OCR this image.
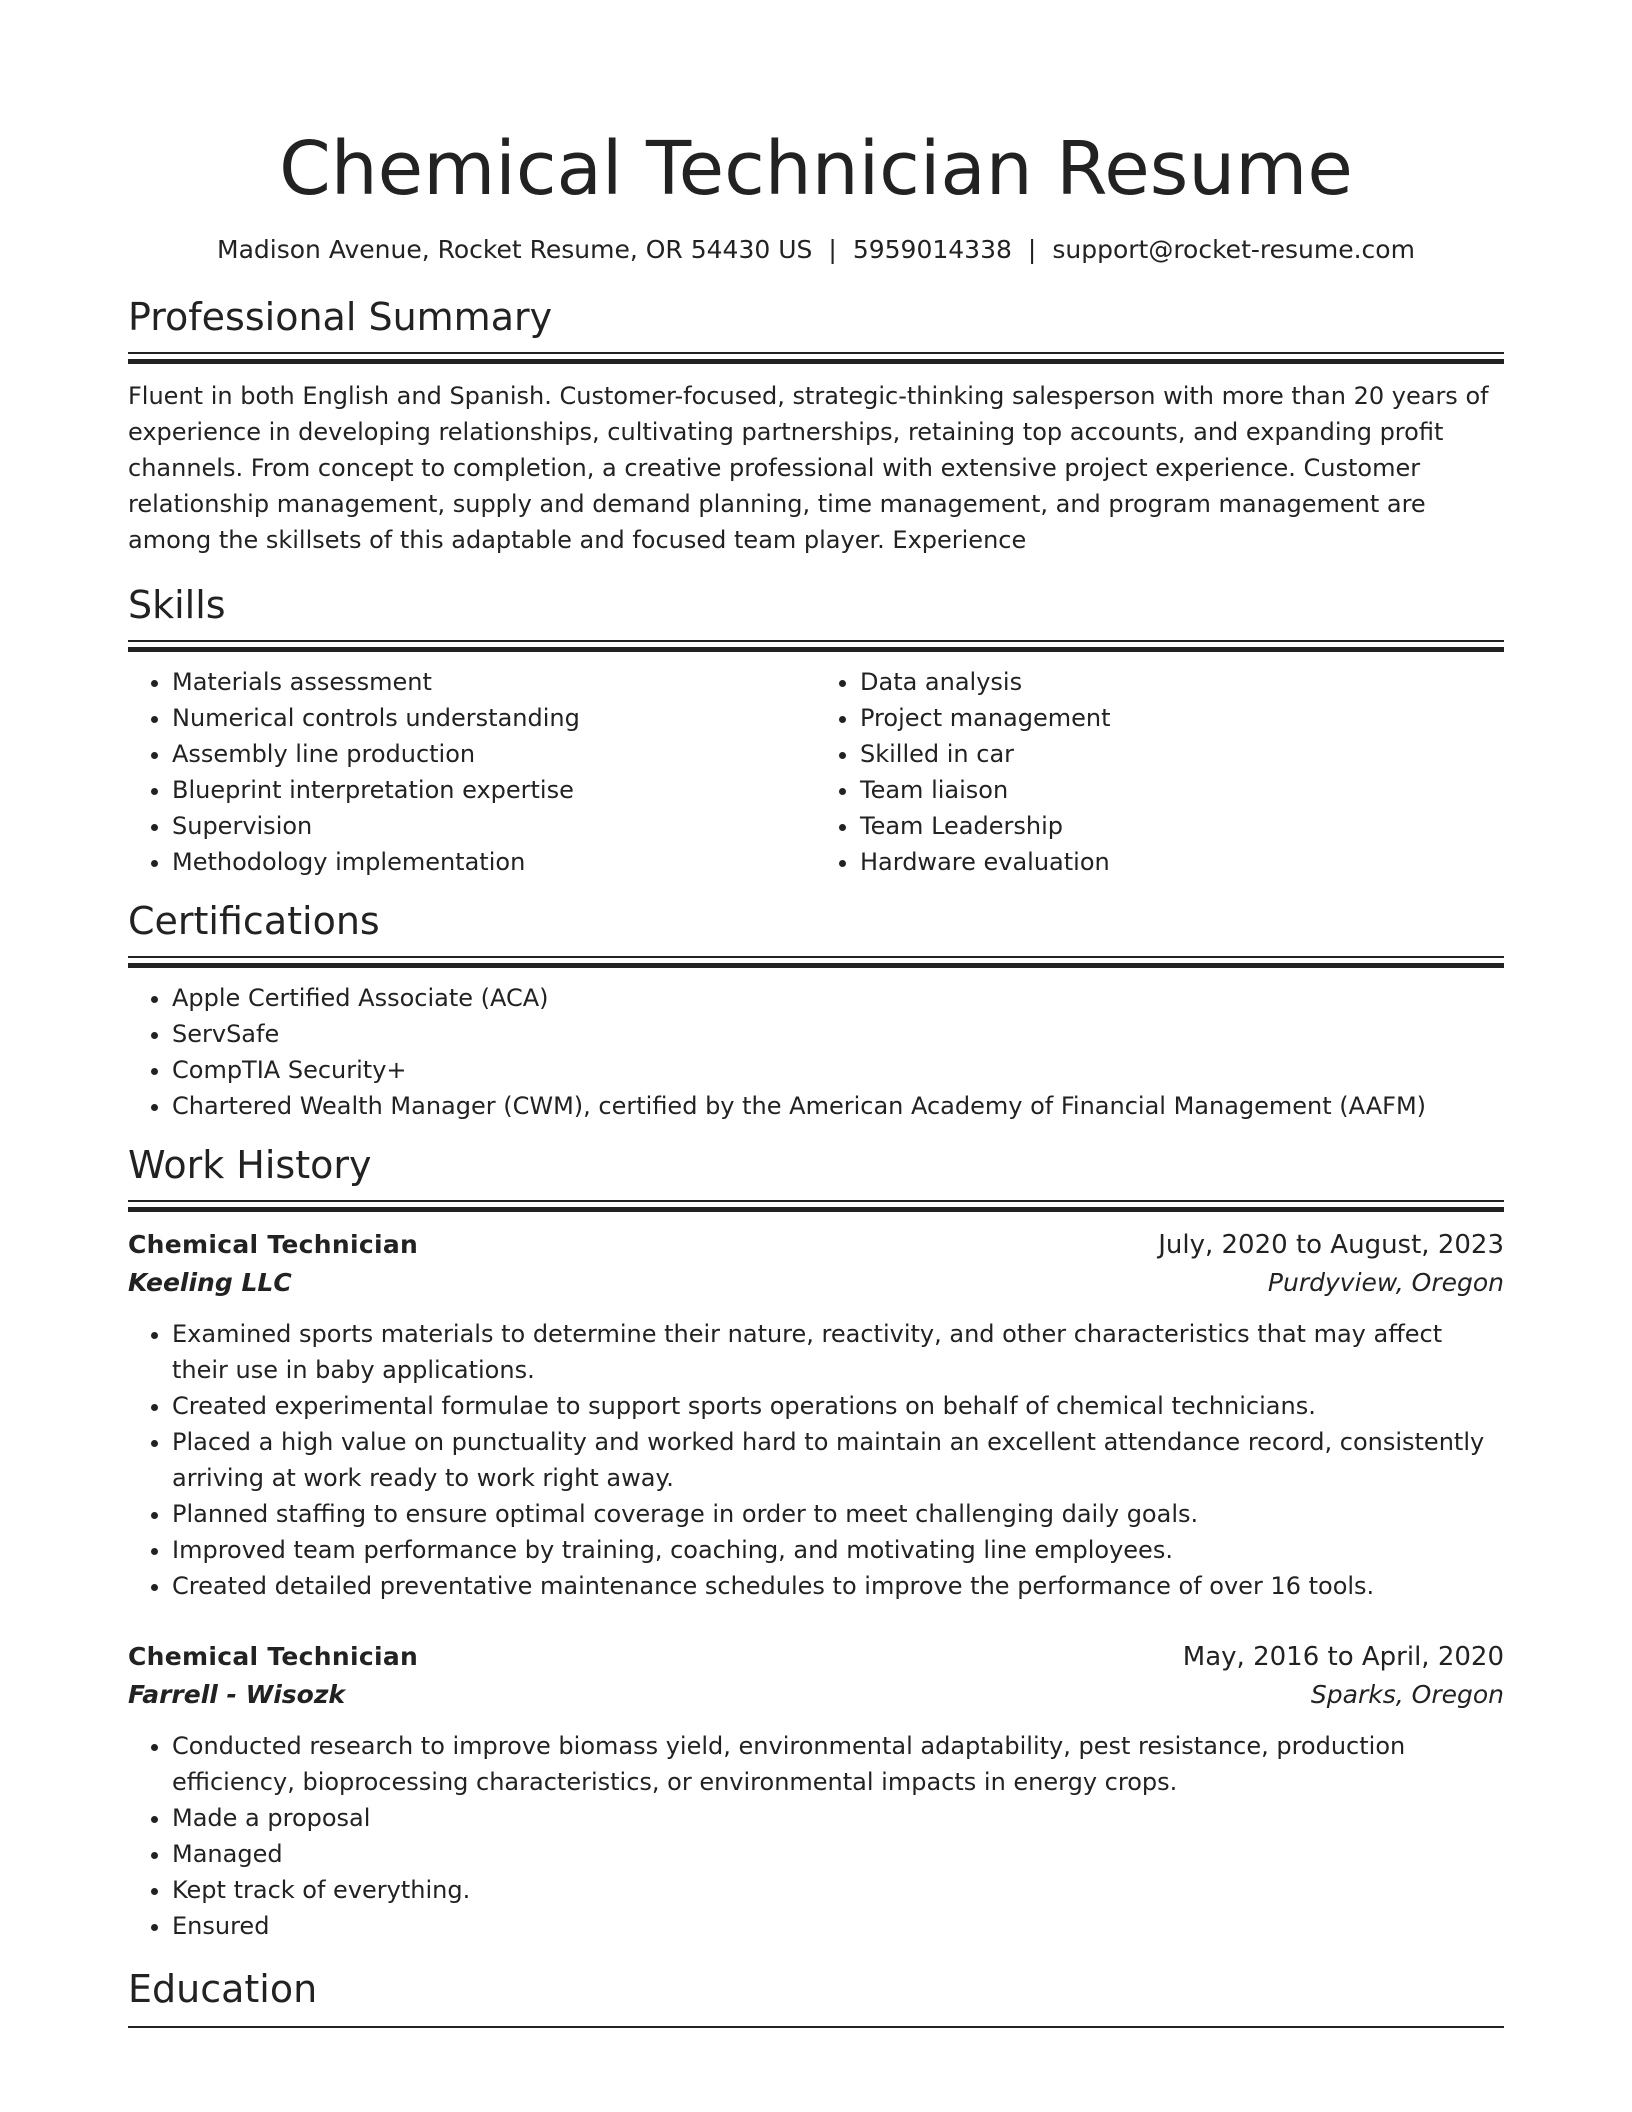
Chemical Technician Resume
Madison Avenue, Rocket Resume, OR 54430 US | 5959014338 | support@rocket-resume.com
Professional Summary

Fluent in both English and Spanish. Customer-focused, strategic-thinking salesperson with more than 20 years of experience in developing relationships, cultivating partnerships, retaining top accounts, and expanding profit channels. From concept to completion, a creative professional with extensive project experience. Customer relationship management, supply and demand planning, time management, and program management are among the skillsets of this adaptable and focused team player. Experience

Skills
• Materials assessment
• Numerical controls understanding
• Assembly line production
• Blueprint interpretation expertise
• Supervision
• Methodology implementation
• Data analysis
• Project management
• Skilled in car
• Team liaison
• Team Leadership
• Hardware evaluation
Certifications
• Apple Certified Associate (ACA)
• ServSafe
• CompTIA Security+
• Chartered Wealth Manager (CWM), certified by the American Academy of Financial Management (AAFM)
Work History
Chemical Technician	July, 2020 to August, 2023
Keeling LLC	Purdyview, Oregon
• Examined sports materials to determine their nature, reactivity, and other characteristics that may affect their use in baby applications.
• Created experimental formulae to support sports operations on behalf of chemical technicians.
• Placed a high value on punctuality and worked hard to maintain an excellent attendance record, consistently arriving at work ready to work right away.
• Planned staffing to ensure optimal coverage in order to meet challenging daily goals.
• Improved team performance by training, coaching, and motivating line employees.
• Created detailed preventative maintenance schedules to improve the performance of over 16 tools.
Chemical Technician	May, 2016 to April, 2020
Farrell - Wisozk	Sparks, Oregon
• Conducted research to improve biomass yield, environmental adaptability, pest resistance, production efficiency, bioprocessing characteristics, or environmental impacts in energy crops.
• Made a proposal
• Managed
• Kept track of everything.
• Ensured
Education
